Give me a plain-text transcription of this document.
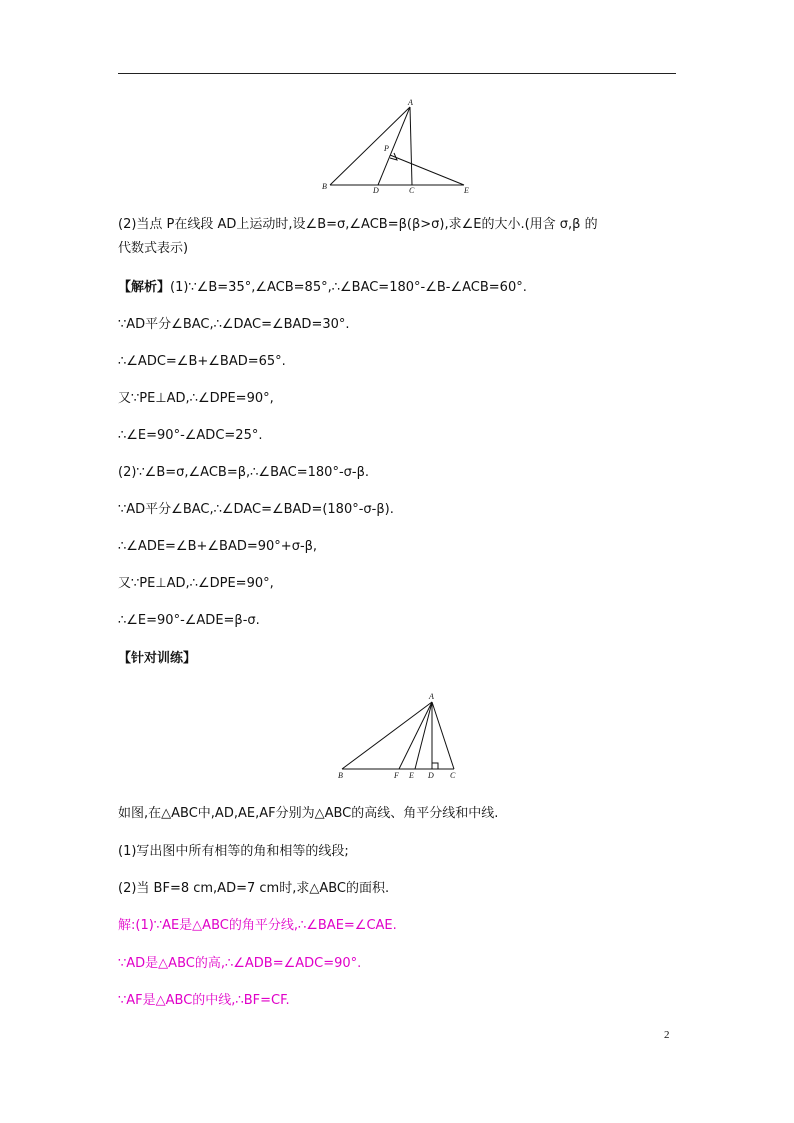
A
P
B	D	C	E
(2)当点 P在线段 AD上运动时,设∠B=σ,∠ACB=β(β>σ),求∠E的大小.(用含 σ,β 的
代数式表示)
【解析】(1)∵∠B=35°,∠ACB=85°,∴∠BAC=180°-∠B-∠ACB=60°.
∵AD平分∠BAC,∴∠DAC=∠BAD=30°.
∴∠ADC=∠B+∠BAD=65°.
又∵PE⊥AD,∴∠DPE=90°,
∴∠E=90°-∠ADC=25°.
(2)∵∠B=σ,∠ACB=β,∴∠BAC=180°-σ-β.
∵AD平分∠BAC,∴∠DAC=∠BAD=(180°-σ-β).
∴∠ADE=∠B+∠BAD=90°+σ-β,
又∵PE⊥AD,∴∠DPE=90°,
∴∠E=90°-∠ADE=β-σ.
【针对训练】
A
B	F E D C
如图,在△ABC中,AD,AE,AF分别为△ABC的高线、角平分线和中线.
(1)写出图中所有相等的角和相等的线段;
(2)当 BF=8 cm,AD=7 cm时,求△ABC的面积.
解:(1)∵AE是△ABC的角平分线,∴∠BAE=∠CAE.
∵AD是△ABC的高,∴∠ADB=∠ADC=90°.
∵AF是△ABC的中线,∴BF=CF.
2
